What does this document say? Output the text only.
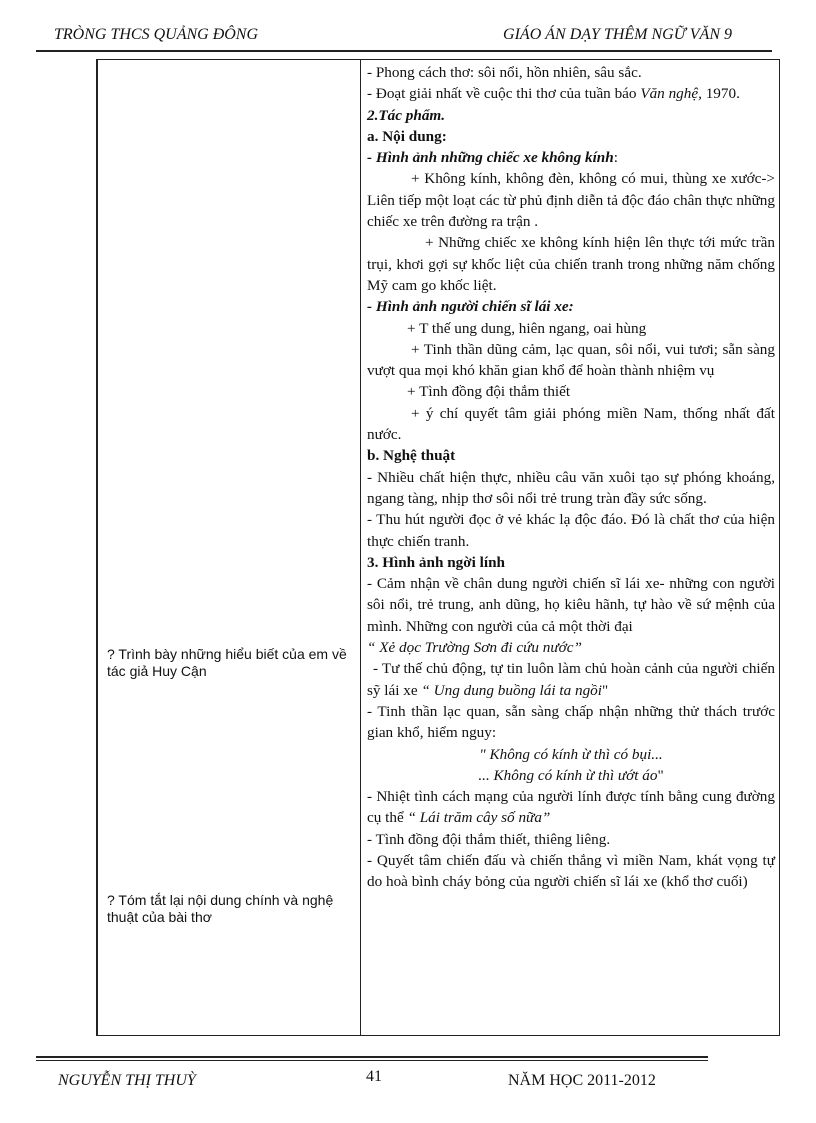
TRÒNG THCS QUẢNG ĐÔNG	GIÁO ÁN DẠY THÊM NGỮ VĂN 9
? Trình bày những hiểu biết của em về tác giả Huy Cận
? Tóm tắt lại nội dung chính và nghệ thuật của bài thơ

- Phong cách thơ: sôi nổi, hồn nhiên, sâu sắc.

- Đoạt giải nhất về cuộc thi thơ của tuần báo Văn nghệ, 1970.

2.Tác phẩm.

a. Nội dung:

- Hình ảnh những chiếc xe không kính:

+ Không kính, không đèn, không có mui, thùng xe xước-> Liên tiếp một loạt các từ phủ định diễn tả độc đáo chân thực những chiếc xe trên đường ra trận .

+ Những chiếc xe không kính hiện lên thực tới mức trần trụi, khơi gợi sự khốc liệt của chiến tranh trong những năm chống Mỹ cam go khốc liệt.

- Hình ảnh người chiến sĩ lái xe:

+ T thế ung dung, hiên ngang, oai hùng

+ Tinh thần dũng cảm, lạc quan, sôi nổi, vui tươi; sẵn sàng vượt qua mọi khó khăn gian khổ để hoàn thành nhiệm vụ

+ Tình đồng đội thắm thiết

+ ý chí quyết tâm giải phóng miền Nam, thống nhất đất nước.

b. Nghệ thuật

- Nhiều chất hiện thực, nhiều câu văn xuôi tạo sự phóng khoáng, ngang tàng, nhịp thơ sôi nổi trẻ trung tràn đầy sức sống.

- Thu hút người đọc ở vẻ khác lạ độc đáo. Đó là chất thơ của hiện thực chiến tranh.

3. Hình ảnh ngời lính

- Cảm nhận về chân dung người chiến sĩ lái xe- những con người sôi nổi, trẻ trung, anh dũng, họ kiêu hãnh, tự hào về sứ mệnh của mình. Những con người của cả một thời đại

“ Xẻ dọc Trường Sơn đi cứu nước”

- Tư thế chủ động, tự tin luôn làm chủ hoàn cảnh của người chiến sỹ lái xe “ Ung dung buồng lái ta ngồi"

- Tinh thần lạc quan, sẵn sàng chấp nhận những thử thách trước gian khổ, hiểm nguy:

" Không có kính ừ thì có bụi...

... Không có kính ừ thì ướt áo"

- Nhiệt tình cách mạng của người lính được tính bằng cung đường cụ thể “ Lái trăm cây số nữa”

- Tình đồng đội thắm thiết, thiêng liêng.

- Quyết tâm chiến đấu và chiến thắng vì miền Nam, khát vọng tự do hoà bình cháy bỏng của người chiến sĩ lái xe (khổ thơ cuối)

NGUYỄN THỊ THUỲ	41	NĂM HỌC 2011-2012
